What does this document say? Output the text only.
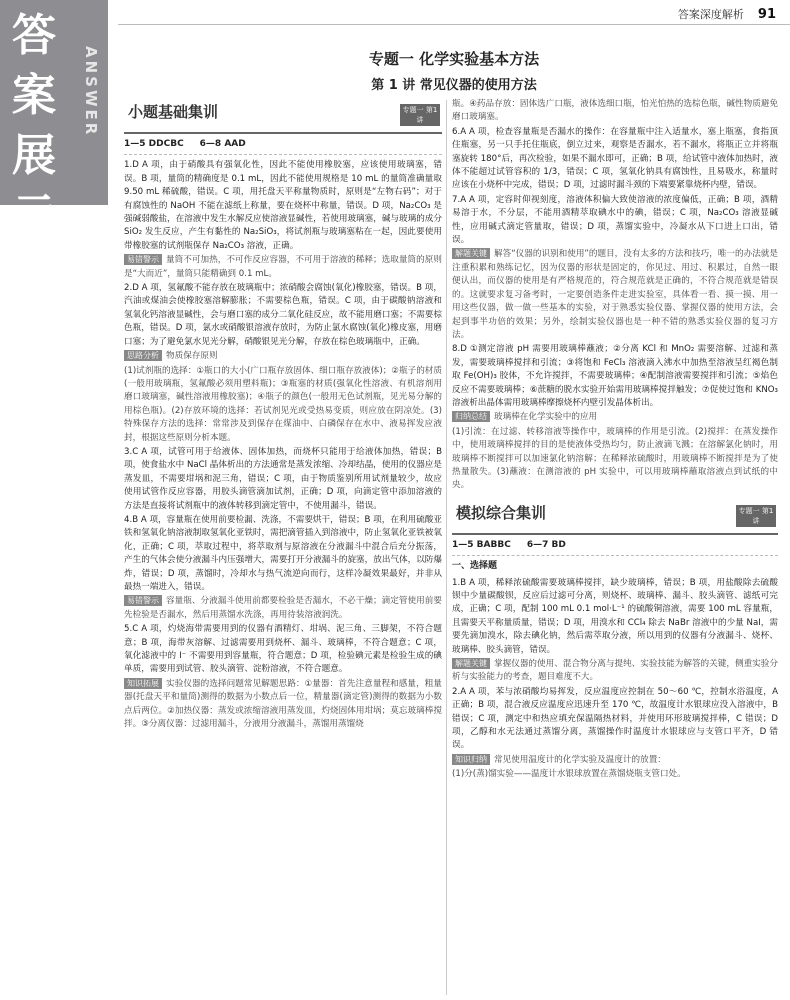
答
案
展
示
ANSWER
答案深度解析 91
专题一 化学实验基本方法
第 1 讲 常见仪器的使用方法
小题基础集训	专题一 第1讲
1—5 DDCBC 6—8 AAD

1.D A 项，由于硝酸具有强氧化性，因此不能使用橡胶塞，应该使用玻璃塞，错误。B 项，量筒的精确度是 0.1 mL，因此不能使用规格是 10 mL 的量筒准确量取 9.50 mL 稀硫酸，错误。C 项，用托盘天平称量物质时，原则是“左物右码”；对于有腐蚀性的 NaOH 不能在滤纸上称量，要在烧杯中称量，错误。D 项，Na₂CO₃ 是强碱弱酸盐，在溶液中发生水解反应使溶液显碱性，若使用玻璃塞，碱与玻璃的成分 SiO₂ 发生反应，产生有黏性的 Na₂SiO₃，将试剂瓶与玻璃塞粘在一起，因此要使用带橡胶塞的试剂瓶保存 Na₂CO₃ 溶液，正确。

易错警示 量筒不可加热，不可作反应容器，不可用于溶液的稀释；选取量筒的原则是“大而近”，量筒只能精确到 0.1 mL。

2.D A 项，氢氟酸不能存放在玻璃瓶中；浓硝酸会腐蚀(氧化)橡胶塞，错误。B 项，汽油或煤油会使橡胶塞溶解膨胀；不需要棕色瓶，错误。C 项，由于碳酸钠溶液和氢氧化钙溶液显碱性，会与磨口塞的成分二氧化硅反应，故不能用磨口塞；不需要棕色瓶，错误。D 项，氯水或硝酸银溶液存放时，为防止氯水腐蚀(氧化)橡皮塞，用磨口塞；为了避免氯水见光分解，硝酸银见光分解，存放在棕色玻璃瓶中，正确。

思路分析 物质保存原则

(1)试剂瓶的选择：①瓶口的大小(广口瓶存放固体、细口瓶存放液体)；②瓶子的材质(一般用玻璃瓶，氢氟酸必须用塑料瓶)；③瓶塞的材质(强氧化性溶液、有机溶剂用磨口玻璃塞，碱性溶液用橡胶塞)；④瓶子的颜色(一般用无色试剂瓶，见光易分解的用棕色瓶)。(2)存放环境的选择：若试剂见光或受热易变质，则应放在阴凉处。(3)特殊保存方法的选择：常常涉及到保存在煤油中、白磷保存在水中、液易挥发应液封，根据这些原则分析本题。

3.C A 项，试管可用于给液体、固体加热，而烧杯只能用于给液体加热，错误；B 项，使食盐水中 NaCl 晶体析出的方法通常是蒸发浓缩、冷却结晶，使用的仪器应是蒸发皿，不需要坩埚和泥三角，错误；C 项，由于物质鉴别所用试剂量较少，故应使用试管作反应容器，用胶头滴管滴加试剂，正确；D 项，向滴定管中添加溶液的方法是直接将试剂瓶中的液体转移到滴定管中，不使用漏斗，错误。

4.B A 项，容量瓶在使用前要检漏、洗涤，不需要烘干，错误；B 项，在利用硫酸亚铁和氢氧化钠溶液制取氢氧化亚铁时，需把滴管插入到溶液中，防止氢氧化亚铁被氧化，正确；C 项，萃取过程中，将萃取剂与原溶液在分液漏斗中混合后充分振荡，产生的气体会使分液漏斗内压强增大，需要打开分液漏斗的旋塞，放出气体，以防爆炸，错误；D 项，蒸馏时，冷却水与热气流逆向而行，这样冷凝效果最好，并非从最热一端进入，错误。

易错警示 容量瓶、分液漏斗使用前都要检验是否漏水，不必干燥；滴定管使用前要先检验是否漏水，然后用蒸馏水洗涤，再用待装溶液润洗。

5.C A 项，灼烧海带需要用到的仪器有酒精灯、坩埚、泥三角、三脚架，不符合题意；B 项，海带灰溶解、过滤需要用到烧杯、漏斗、玻璃棒，不符合题意；C 项，氧化滤液中的 I⁻ 不需要用到容量瓶，符合题意；D 项，检验碘元素是检验生成的碘单质，需要用到试管、胶头滴管、淀粉溶液，不符合题意。

知识拓展 实验仪器的选择问题常见解题思路：①量器：首先注意量程和感量，粗量器(托盘天平和量筒)测得的数据为小数点后一位，精量器(滴定管)测得的数据为小数点后两位。②加热仪器：蒸发或浓缩溶液用蒸发皿，灼烧固体用坩埚；莫忘玻璃棒搅拌。③分离仪器：过滤用漏斗，分液用分液漏斗，蒸馏用蒸馏烧

瓶。④药品存放：固体选广口瓶，液体选细口瓶，怕光怕热的选棕色瓶，碱性物质避免磨口玻璃塞。

6.A A 项，检查容量瓶是否漏水的操作：在容量瓶中注入适量水，塞上瓶塞，食指顶住瓶塞，另一只手托住瓶底，倒立过来，观察是否漏水，若不漏水，将瓶正立并将瓶塞旋转 180°后，再次检验，如果不漏水即可，正确；B 项，给试管中液体加热时，液体不能超过试管容积的 1/3，错误；C 项，氢氧化钠具有腐蚀性，且易吸水，称量时应该在小烧杯中完成，错误；D 项，过滤时漏斗颈的下端要紧靠烧杯内壁，错误。

7.A A 项，定容时仰视刻度，溶液体积偏大致使溶液的浓度偏低，正确；B 项，酒精易溶于水，不分层，不能用酒精萃取碘水中的碘，错误；C 项，Na₂CO₃ 溶液显碱性，应用碱式滴定管量取，错误；D 项，蒸馏实验中，冷凝水从下口进上口出，错误。

解题关键 解答“仪器的识别和使用”的题目，没有太多的方法和技巧，唯一的办法就是注重积累和熟练记忆，因为仪器的形状是固定的，你见过、用过、积累过，自然一眼便认出，而仪器的使用是有严格规范的，符合规范就是正确的，不符合规范就是错误的。这就要求复习备考时，一定要创造条件走进实验室，具体看一看、摸一摸、用一用这些仪器，做一做一些基本的实验，对于熟悉实验仪器、掌握仪器的使用方法，会起到事半功倍的效果；另外，绘制实验仪器也是一种不错的熟悉实验仪器的复习方法。

8.D ①测定溶液 pH 需要用玻璃棒蘸液；②分离 KCl 和 MnO₂ 需要溶解、过滤和蒸发，需要玻璃棒搅拌和引流；③将饱和 FeCl₃ 溶液滴入沸水中加热至溶液呈红褐色制取 Fe(OH)₃ 胶体，不允许搅拌，不需要玻璃棒；④配制溶液需要搅拌和引流；⑤焰色反应不需要玻璃棒；⑥蔗糖的脱水实验开始需用玻璃棒搅拌触发；⑦促使过饱和 KNO₃ 溶液析出晶体需用玻璃棒摩擦烧杯内壁引发晶体析出。

归纳总结 玻璃棒在化学实验中的应用

(1)引流：在过滤、转移溶液等操作中，玻璃棒的作用是引流。(2)搅拌：在蒸发操作中，使用玻璃棒搅拌的目的是使液体受热均匀，防止液滴飞溅；在溶解氯化钠时，用玻璃棒不断搅拌可以加速氯化钠溶解；在稀释浓硫酸时，用玻璃棒不断搅拌是为了使热量散失。(3)蘸液：在测溶液的 pH 实验中，可以用玻璃棒蘸取溶液点到试纸的中央。

模拟综合集训	专题一 第1讲
1—5 BABBC 6—7 BD
一、选择题

1.B A 项，稀释浓硫酸需要玻璃棒搅拌，缺少玻璃棒，错误；B 项，用盐酸除去硫酸钡中少量碳酸钡，反应后过滤可分离，则烧杯、玻璃棒、漏斗、胶头滴管、滤纸可完成，正确；C 项，配制 100 mL 0.1 mol·L⁻¹ 的硫酸铜溶液，需要 100 mL 容量瓶，且需要天平称量质量，错误；D 项，用溴水和 CCl₄ 除去 NaBr 溶液中的少量 NaI，需要先滴加溴水，除去碘化钠，然后需萃取分液，所以用到的仪器有分液漏斗、烧杯、玻璃棒、胶头滴管，错误。

解题关键 掌握仪器的使用、混合物分离与提纯、实验技能为解答的关键，侧重实验分析与实验能力的考查，题目难度不大。

2.A A 项，苯与浓硝酸均易挥发，反应温度应控制在 50～60 ℃，控制水浴温度，A 正确；B 项，混合液反应温度应迅速升至 170 ℃，故温度计水银球应没入溶液中，B 错误；C 项，测定中和热应填充保温隔热材料，并使用环形玻璃搅拌棒，C 错误；D 项，乙醇和水无法通过蒸馏分离，蒸馏操作时温度计水银球应与支管口平齐，D 错误。

知识归纳 常见使用温度计的化学实验及温度计的放置：

(1)分(蒸)馏实验——温度计水银球放置在蒸馏烧瓶支管口处。
